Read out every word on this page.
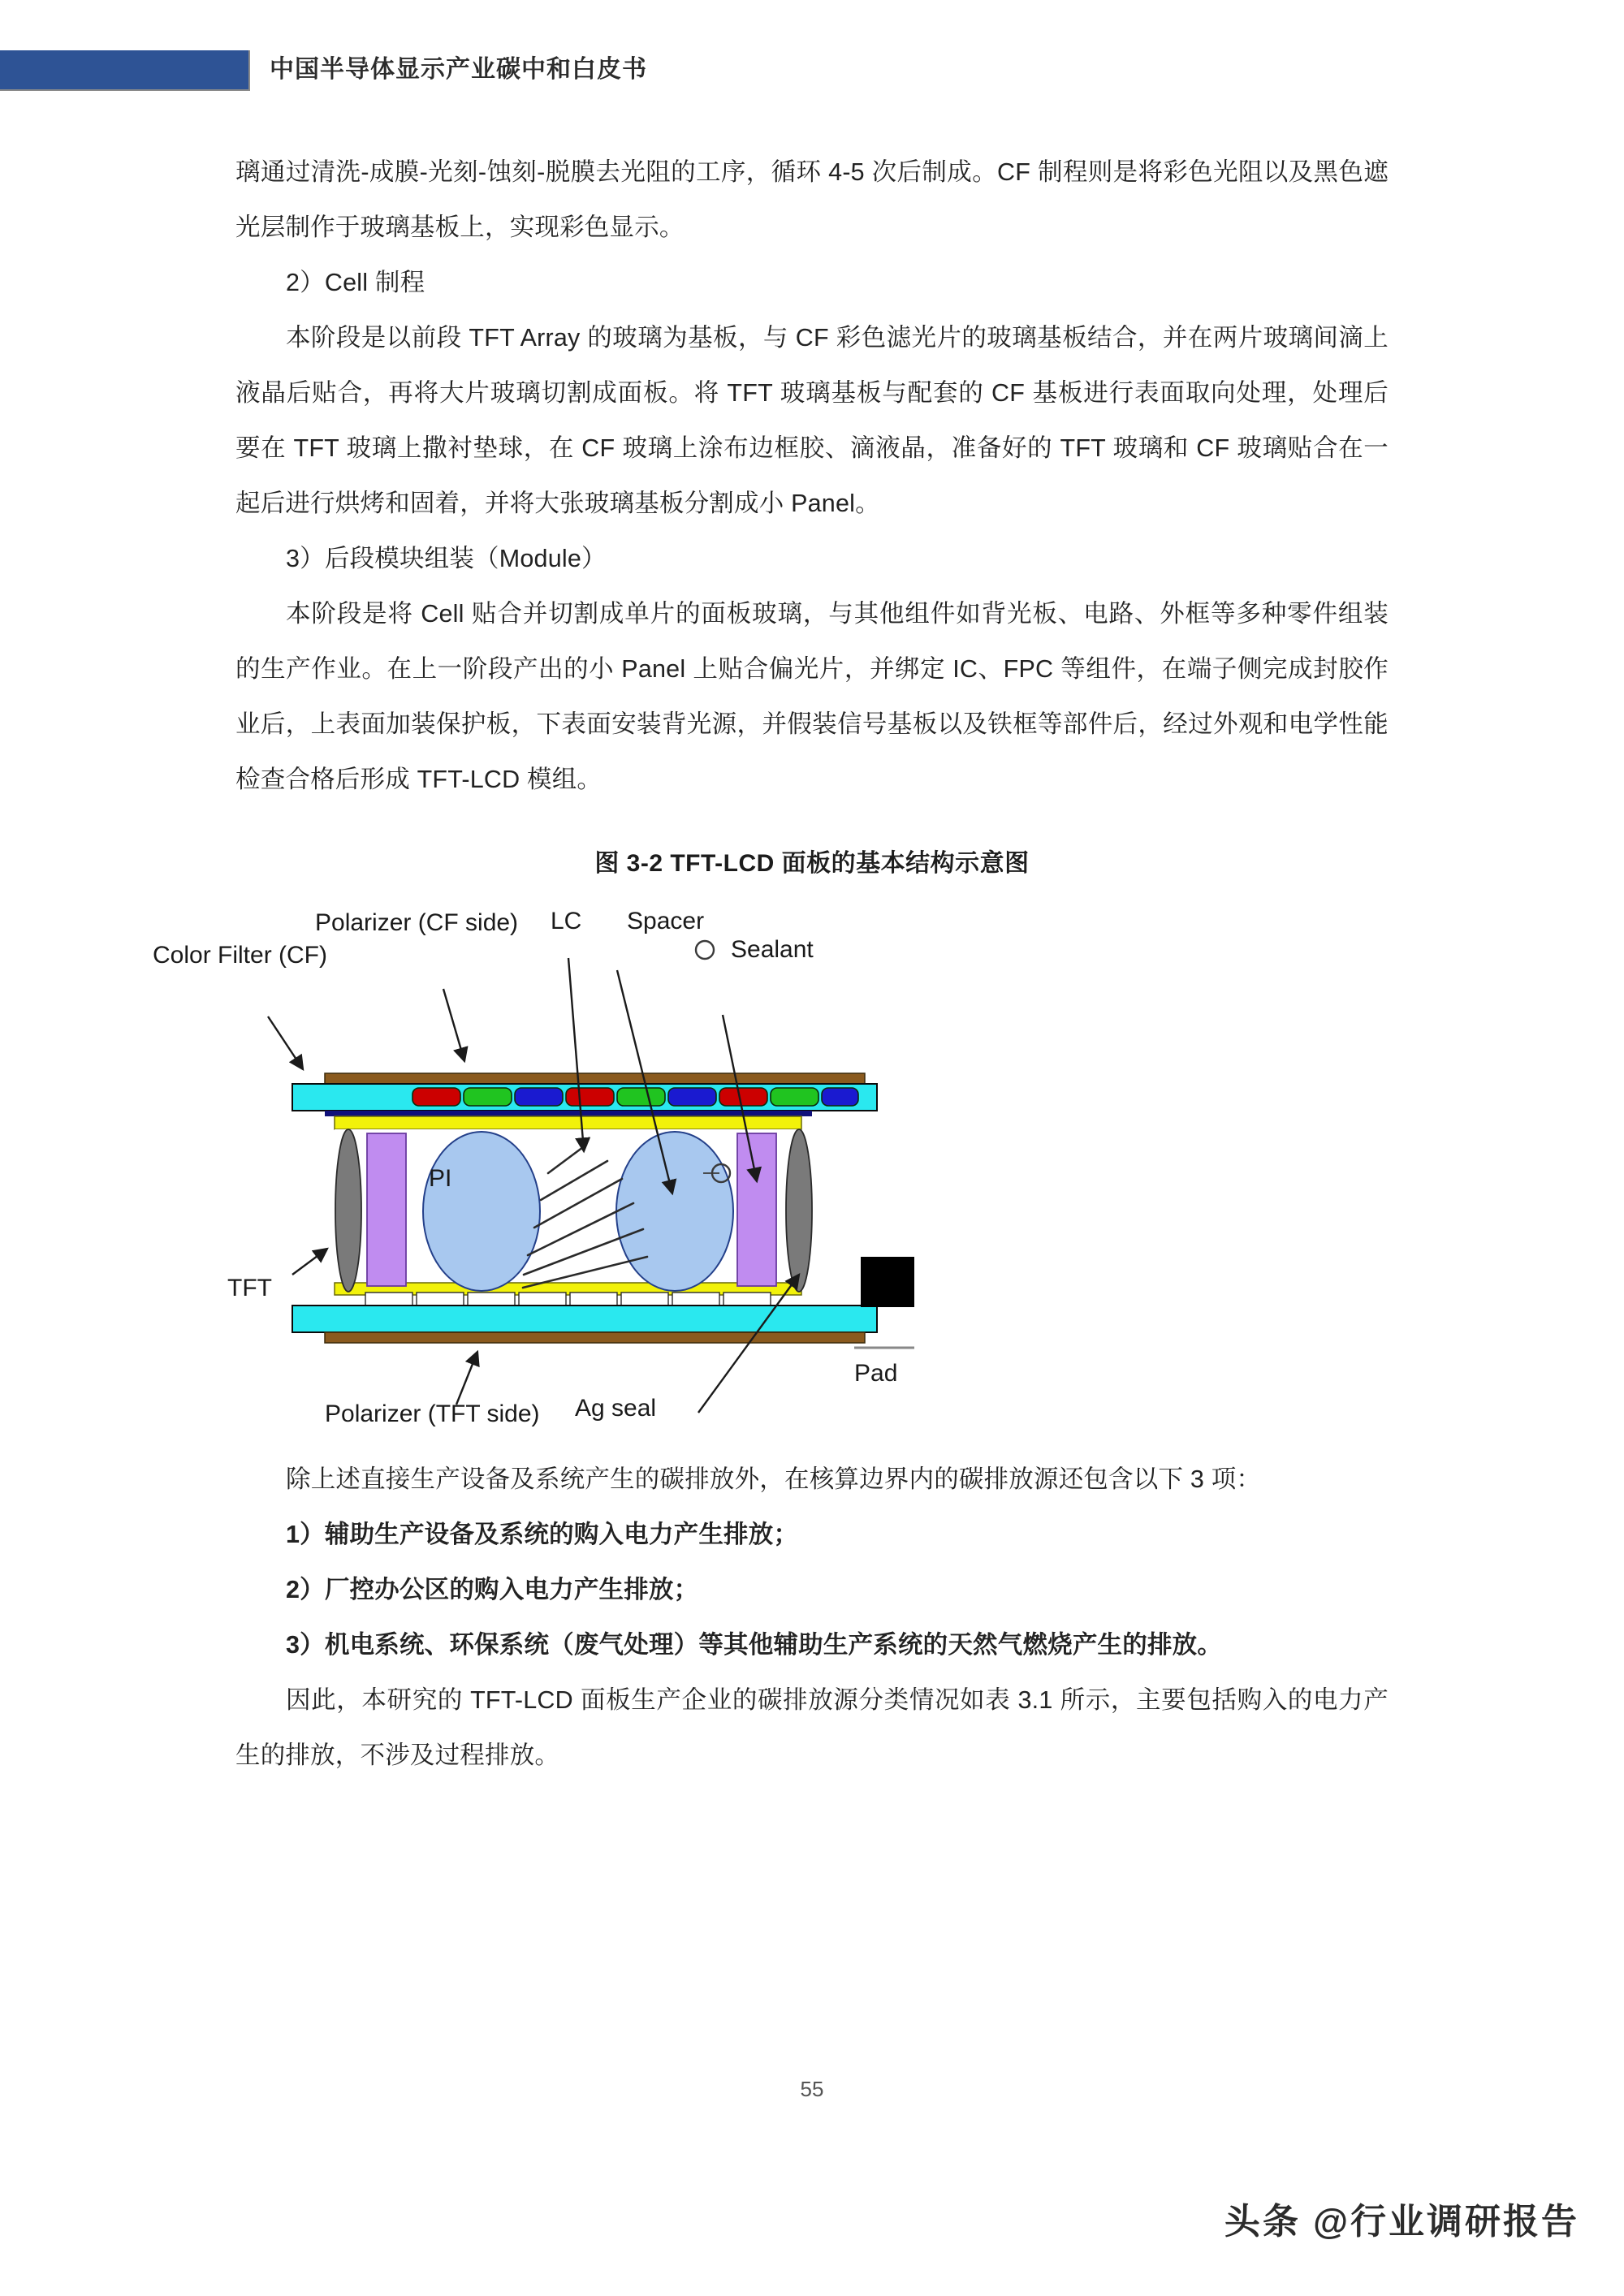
中国半导体显示产业碳中和白皮书

璃通过清洗-成膜-光刻-蚀刻-脱膜去光阻的工序，循环 4-5 次后制成。CF 制程则是将彩色光阻以及黑色遮光层制作于玻璃基板上，实现彩色显示。

2）Cell 制程

本阶段是以前段 TFT Array 的玻璃为基板，与 CF 彩色滤光片的玻璃基板结合，并在两片玻璃间滴上液晶后贴合，再将大片玻璃切割成面板。将 TFT 玻璃基板与配套的 CF 基板进行表面取向处理，处理后要在 TFT 玻璃上撒衬垫球，在 CF 玻璃上涂布边框胶、滴液晶，准备好的 TFT 玻璃和 CF 玻璃贴合在一起后进行烘烤和固着，并将大张玻璃基板分割成小 Panel。

3）后段模块组装（Module）

本阶段是将 Cell 贴合并切割成单片的面板玻璃，与其他组件如背光板、电路、外框等多种零件组装的生产作业。在上一阶段产出的小 Panel 上贴合偏光片，并绑定 IC、FPC 等组件，在端子侧完成封胶作业后，上表面加装保护板，下表面安装背光源，并假装信号基板以及铁框等部件后，经过外观和电学性能检查合格后形成 TFT-LCD 模组。

图 3-2 TFT-LCD 面板的基本结构示意图
Color Filter (CF)
Polarizer (CF side) LC Spacer
Sealant
PI
TFT
Polarizer (TFT side) Ag seal
Pad

除上述直接生产设备及系统产生的碳排放外，在核算边界内的碳排放源还包含以下 3 项：

1）辅助生产设备及系统的购入电力产生排放；

2）厂控办公区的购入电力产生排放；

3）机电系统、环保系统（废气处理）等其他辅助生产系统的天然气燃烧产生的排放。

因此，本研究的 TFT-LCD 面板生产企业的碳排放源分类情况如表 3.1 所示，主要包括购入的电力产生的排放，不涉及过程排放。

55
头条 @行业调研报告
